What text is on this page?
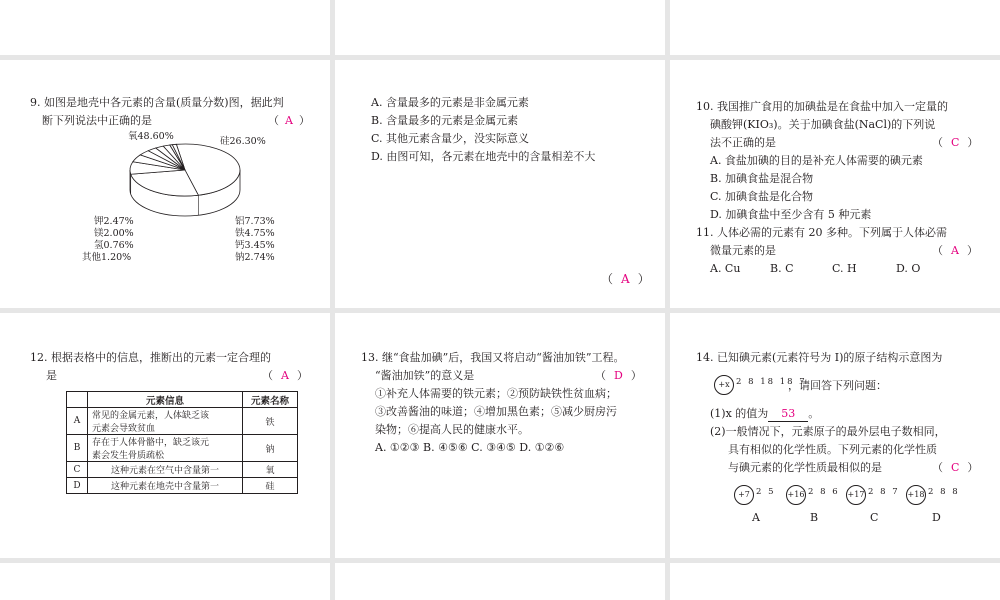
9. 如图是地壳中各元素的含量(质量分数)图，据此判
断下列说法中正确的是	（ A ）
氧48.60%	硅26.30%
铝7.73%
铁4.75%
钙3.45%
钠2.74%
钾2.47%
镁2.00%
氢0.76%
其他1.20%
A. 含量最多的元素是非金属元素
B. 含量最多的元素是金属元素
C. 其他元素含量少，没实际意义
D. 由图可知，各元素在地壳中的含量相差不大
（ A ）
10. 我国推广食用的加碘盐是在食盐中加入一定量的
碘酸钾(KIO₃)。关于加碘食盐(NaCl)的下列说
法不正确的是	（ C ）
A. 食盐加碘的目的是补充人体需要的碘元素
B. 加碘食盐是混合物
C. 加碘食盐是化合物
D. 加碘食盐中至少含有 5 种元素
11. 人体必需的元素有 20 多种。下列属于人体必需
微量元素的是	（ A ）
A. Cu	B. C	C. H	D. O
12. 根据表格中的信息，推断出的元素一定合理的
是	（ A ）
	元素信息	元素名称
A	常见的金属元素，人体缺乏该
元素会导致贫血	铁
B	存在于人体骨骼中，缺乏该元
素会发生骨质疏松	钠
C	这种元素在空气中含量第一	氧
D	这种元素在地壳中含量第一	硅
13. 继“食盐加碘”后，我国又将启动“酱油加铁”工程。
“酱油加铁”的意义是	（ D ）
①补充人体需要的铁元素；②预防缺铁性贫血病；
③改善酱油的味道；④增加黑色素；⑤减少厨房污
染物；⑥提高人民的健康水平。
A. ①②③ B. ④⑤⑥ C. ③④⑤ D. ①②⑥
14. 已知碘元素(元素符号为 I)的原子结构示意图为
+x 2 8 18 18 7
，请回答下列问题：
(1)x 的值为 53 。
(2)一般情况下，元素原子的最外层电子数相同，
具有相似的化学性质。下列元素的化学性质
与碘元素的化学性质最相似的是	（ C ）
+7 2 5
A
+16 2 8 6
B
+17 2 8 7
C
+18 2 8 8
D
